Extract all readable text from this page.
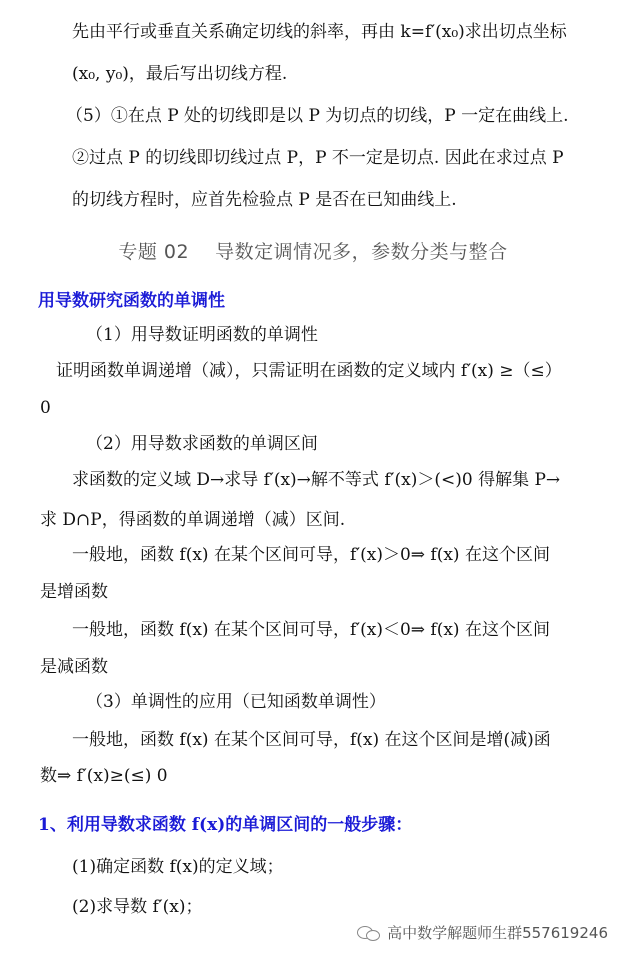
先由平行或垂直关系确定切线的斜率，再由 k=f′(x₀)求出切点坐标
(x₀, y₀)，最后写出切线方程.
（5）①在点 P 处的切线即是以 P 为切点的切线，P 一定在曲线上.
②过点 P 的切线即切线过点 P，P 不一定是切点. 因此在求过点 P
的切线方程时，应首先检验点 P 是否在已知曲线上.
专题 02　 导数定调情况多，参数分类与整合
用导数研究函数的单调性
（1）用导数证明函数的单调性
证明函数单调递增（减），只需证明在函数的定义域内 f′(x) ≥（≤）
0
（2）用导数求函数的单调区间
求函数的定义域 D→求导 f′(x)→解不等式 f′(x)＞(<)0 得解集 P→
求 D∩P，得函数的单调递增（减）区间.
一般地，函数 f(x) 在某个区间可导，f′(x)＞0⇒ f(x) 在这个区间
是增函数
一般地，函数 f(x) 在某个区间可导，f′(x)＜0⇒ f(x) 在这个区间
是减函数
（3）单调性的应用（已知函数单调性）
一般地，函数 f(x) 在某个区间可导，f(x) 在这个区间是增(减)函
数⇒ f′(x)≥(≤) 0
1、利用导数求函数 f(x)的单调区间的一般步骤：
(1)确定函数 f(x)的定义域；
(2)求导数 f′(x)；
高中数学解题师生群557619246
